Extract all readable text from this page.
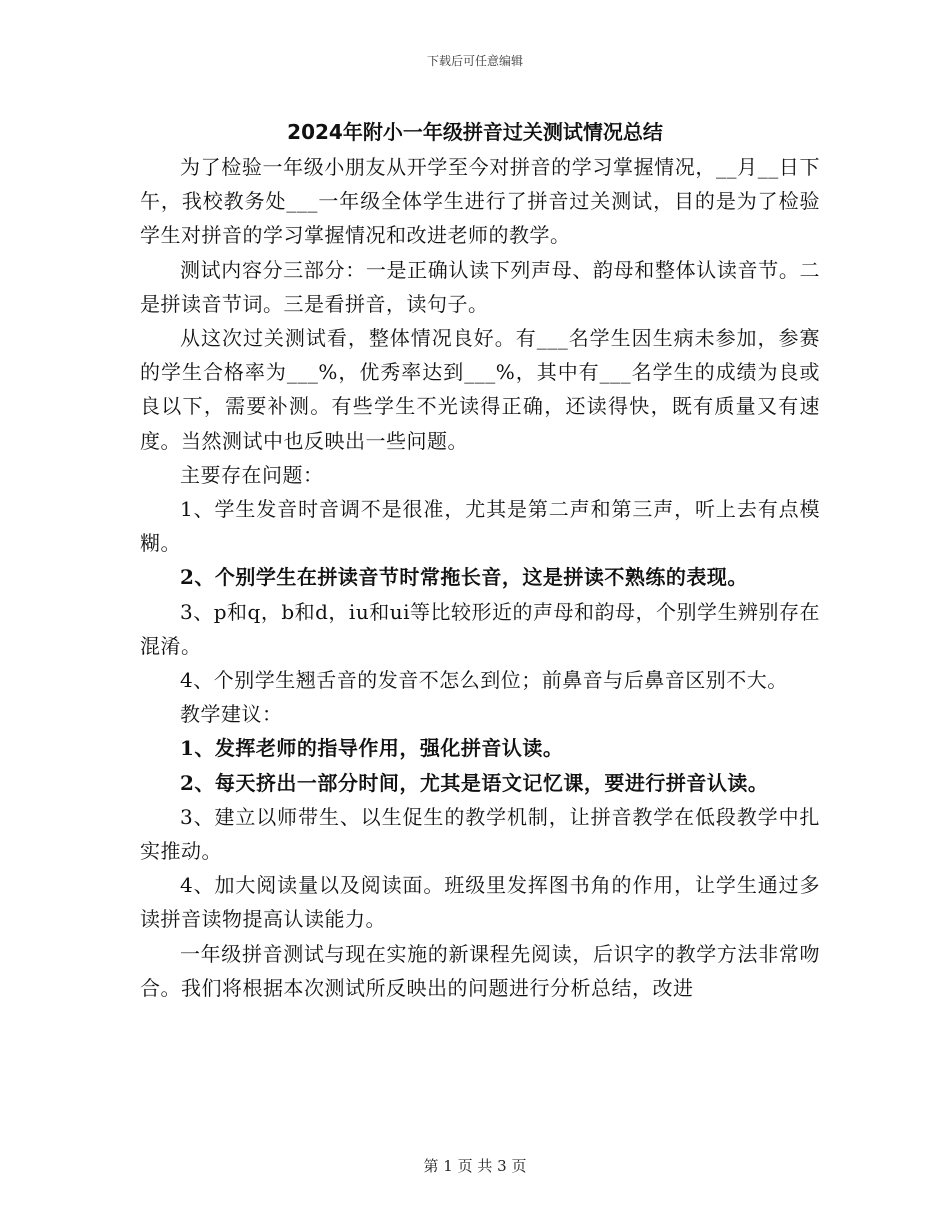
下载后可任意编辑
2024年附小一年级拼音过关测试情况总结

为了检验一年级小朋友从开学至今对拼音的学习掌握情况，__月__日下午，我校教务处___一年级全体学生进行了拼音过关测试，目的是为了检验学生对拼音的学习掌握情况和改进老师的教学。

测试内容分三部分：一是正确认读下列声母、韵母和整体认读音节。二是拼读音节词。三是看拼音，读句子。

从这次过关测试看，整体情况良好。有___名学生因生病未参加，参赛的学生合格率为___%，优秀率达到___%，其中有___名学生的成绩为良或良以下，需要补测。有些学生不光读得正确，还读得快，既有质量又有速度。当然测试中也反映出一些问题。

主要存在问题：

1、学生发音时音调不是很准，尤其是第二声和第三声，听上去有点模糊。

2、个别学生在拼读音节时常拖长音，这是拼读不熟练的表现。

3、p和q，b和d，iu和ui等比较形近的声母和韵母，个别学生辨别存在混淆。

4、个别学生翘舌音的发音不怎么到位；前鼻音与后鼻音区别不大。

教学建议：

1、发挥老师的指导作用，强化拼音认读。

2、每天挤出一部分时间，尤其是语文记忆课，要进行拼音认读。

3、建立以师带生、以生促生的教学机制，让拼音教学在低段教学中扎实推动。

4、加大阅读量以及阅读面。班级里发挥图书角的作用，让学生通过多读拼音读物提高认读能力。

一年级拼音测试与现在实施的新课程先阅读，后识字的教学方法非常吻合。我们将根据本次测试所反映出的问题进行分析总结，改进

第 1 页 共 3 页
